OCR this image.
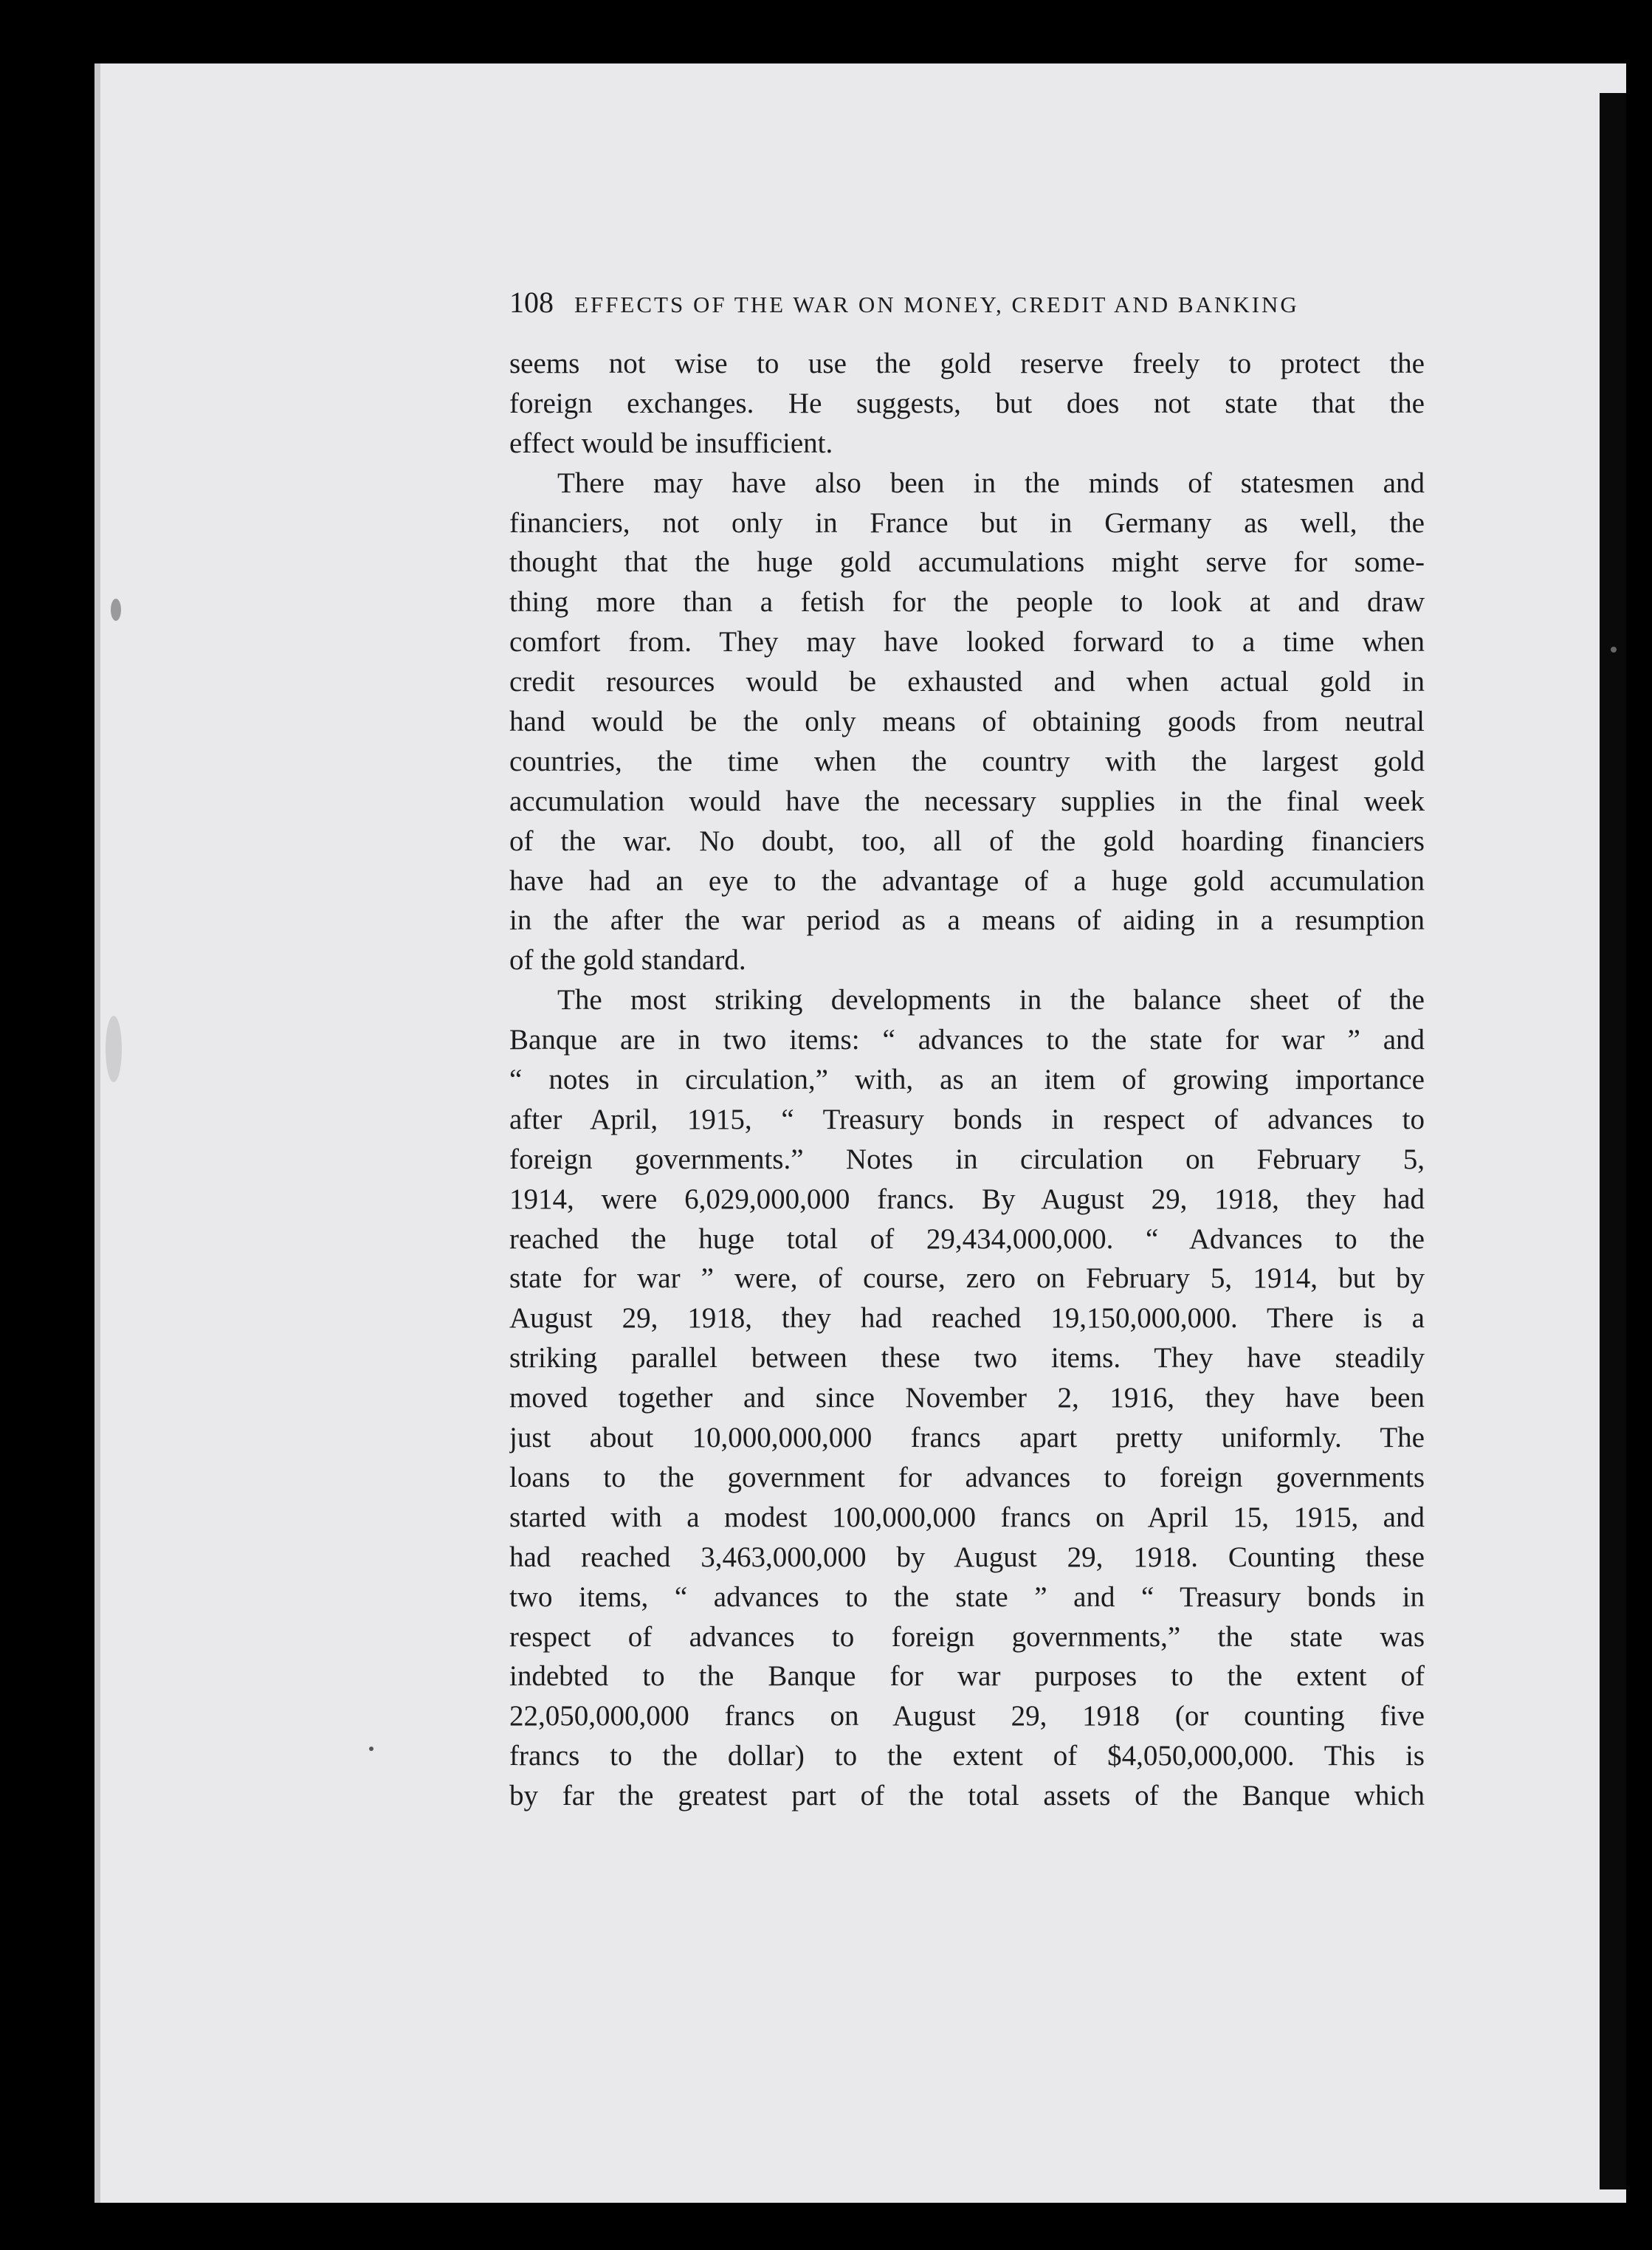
108 EFFECTS OF THE WAR ON MONEY, CREDIT AND BANKING
seems not wise to use the gold reserve freely to protect the
foreign exchanges. He suggests, but does not state that the
effect would be insufficient.
There may have also been in the minds of statesmen and
financiers, not only in France but in Germany as well, the
thought that the huge gold accumulations might serve for some-
thing more than a fetish for the people to look at and draw
comfort from. They may have looked forward to a time when
credit resources would be exhausted and when actual gold in
hand would be the only means of obtaining goods from neutral
countries, the time when the country with the largest gold
accumulation would have the necessary supplies in the final week
of the war. No doubt, too, all of the gold hoarding financiers
have had an eye to the advantage of a huge gold accumulation
in the after the war period as a means of aiding in a resumption
of the gold standard.
The most striking developments in the balance sheet of the
Banque are in two items: “ advances to the state for war ” and
“ notes in circulation,” with, as an item of growing importance
after April, 1915, “ Treasury bonds in respect of advances to
foreign governments.” Notes in circulation on February 5,
1914, were 6,029,000,000 francs. By August 29, 1918, they had
reached the huge total of 29,434,000,000. “ Advances to the
state for war ” were, of course, zero on February 5, 1914, but by
August 29, 1918, they had reached 19,150,000,000. There is a
striking parallel between these two items. They have steadily
moved together and since November 2, 1916, they have been
just about 10,000,000,000 francs apart pretty uniformly. The
loans to the government for advances to foreign governments
started with a modest 100,000,000 francs on April 15, 1915, and
had reached 3,463,000,000 by August 29, 1918. Counting these
two items, “ advances to the state ” and “ Treasury bonds in
respect of advances to foreign governments,” the state was
indebted to the Banque for war purposes to the extent of
22,050,000,000 francs on August 29, 1918 (or counting five
francs to the dollar) to the extent of $4,050,000,000. This is
by far the greatest part of the total assets of the Banque which
